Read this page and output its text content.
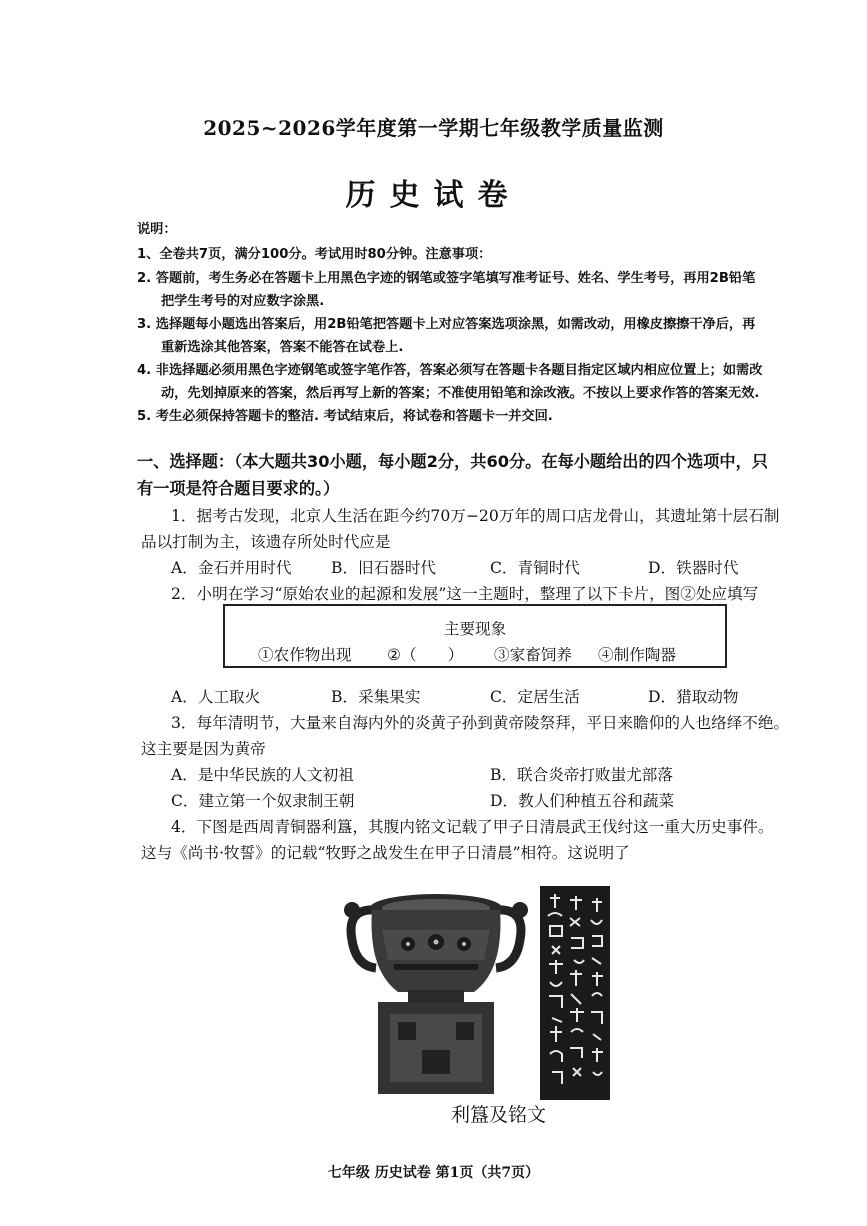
2025~2026学年度第一学期七年级教学质量监测
历史试卷
说明：
1、全卷共7页，满分100分。考试用时80分钟。注意事项：
2. 答题前，考生务必在答题卡上用黑色字迹的钢笔或签字笔填写准考证号、姓名、学生考号，再用2B铅笔
把学生考号的对应数字涂黑.
3. 选择题每小题选出答案后，用2B铅笔把答题卡上对应答案选项涂黑，如需改动，用橡皮擦擦干净后，再
重新选涂其他答案，答案不能答在试卷上.
4. 非选择题必须用黑色字迹钢笔或签字笔作答，答案必须写在答题卡各题目指定区域内相应位置上；如需改
动，先划掉原来的答案，然后再写上新的答案；不准使用铅笔和涂改液。不按以上要求作答的答案无效.
5. 考生必须保持答题卡的整洁. 考试结束后，将试卷和答题卡一并交回.
一、选择题：（本大题共30小题，每小题2分，共60分。在每小题给出的四个选项中，只
有一项是符合题目要求的。）
1．据考古发现，北京人生活在距今约70万−20万年的周口店龙骨山，其遗址第十层石制
品以打制为主，该遗存所处时代应是
A．金石并用时代	B．旧石器时代	C．青铜时代	D．铁器时代
2．小明在学习“原始农业的起源和发展”这一主题时，整理了以下卡片，图②处应填写
主要现象
①农作物出现 ②（　　） ③家畜饲养 ④制作陶器
A．人工取火	B．采集果实	C．定居生活	D．猎取动物
3．每年清明节，大量来自海内外的炎黄子孙到黄帝陵祭拜，平日来瞻仰的人也络绎不绝。
这主要是因为黄帝
A．是中华民族的人文初祖	B．联合炎帝打败蚩尤部落
C．建立第一个奴隶制王朝	D．教人们种植五谷和蔬菜
4．下图是西周青铜器利簋，其腹内铭文记载了甲子日清晨武王伐纣这一重大历史事件。
这与《尚书·牧誓》的记载“牧野之战发生在甲子日清晨”相符。这说明了
利簋及铭文
七年级 历史试卷 第1页（共7页）
